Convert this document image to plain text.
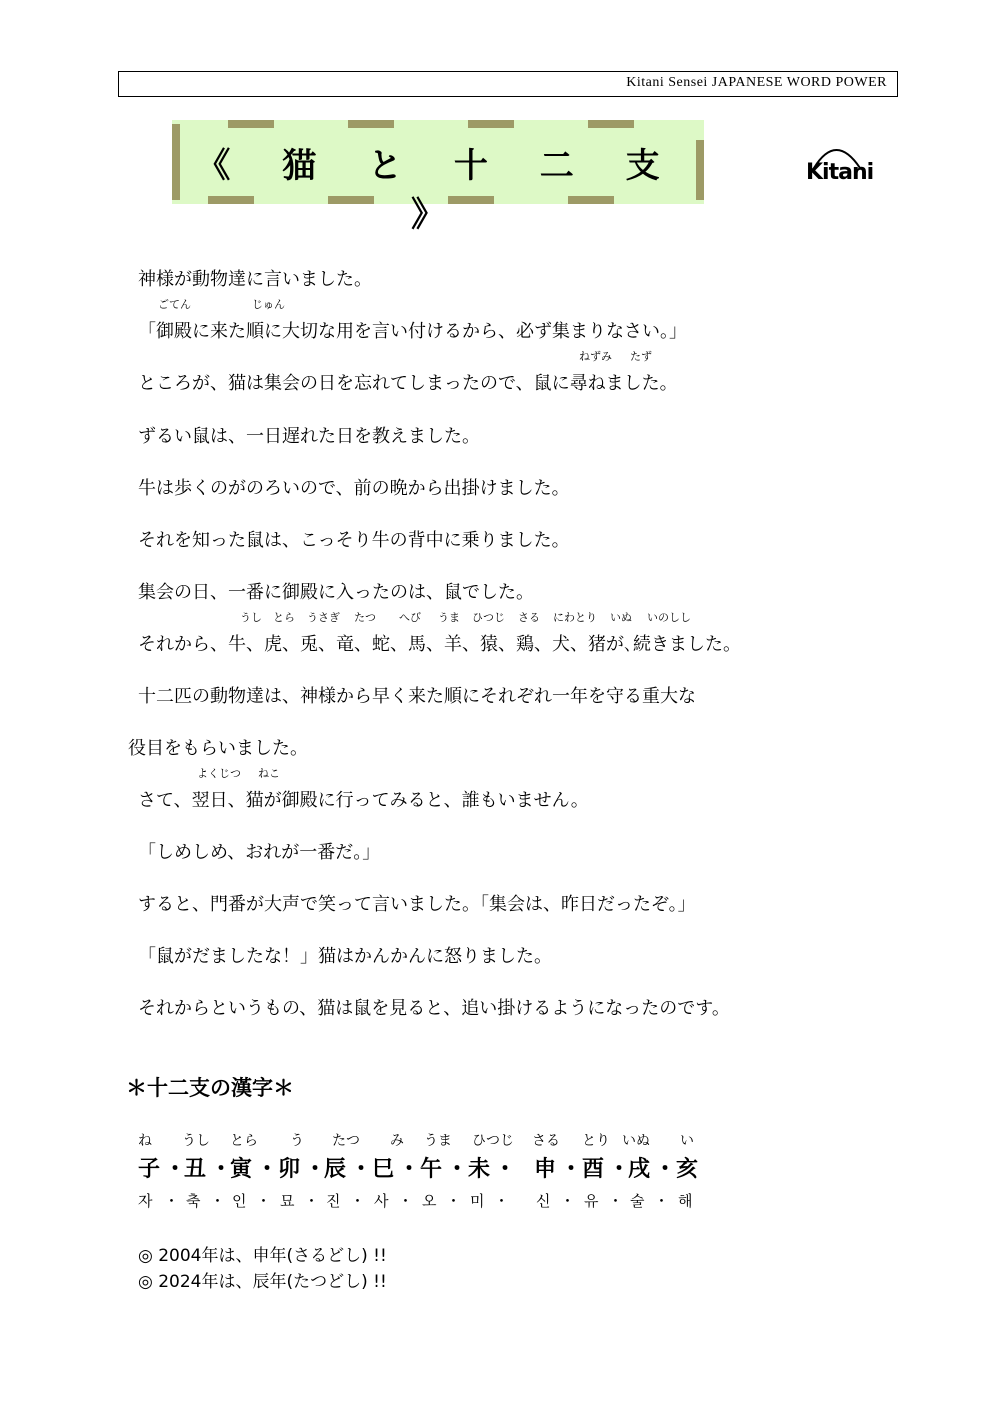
Kitani Sensei JAPANESE WORD POWER
《 猫 と 十 二 支 》
Kitani
神様が動物達に言いました。
ごてん	じゅん
「御殿に来た順に大切な用を言い付けるから、必ず集まりなさい。」
ねずみ たず
ところが、猫は集会の日を忘れてしまったので、鼠に尋ねました。
ずるい鼠は、一日遅れた日を教えました。
牛は歩くのがのろいので、前の晩から出掛けました。
それを知った鼠は、こっそり牛の背中に乗りました。
集会の日、一番に御殿に入ったのは、鼠でした。
うし とら うさぎ たつ へび うま ひつじ さる にわとり いぬ いのしし
それから、牛、虎、兎、竜、蛇、馬、羊、猿、鶏、犬、猪が､続きました。
十二匹の動物達は、神様から早く来た順にそれぞれ一年を守る重大な
役目をもらいました。
よくじつ ねこ
さて、翌日、猫が御殿に行ってみると、誰もいません。
「しめしめ、おれが一番だ。」
すると、門番が大声で笑って言いました。「集会は、昨日だったぞ。」
「鼠がだましたな！」猫はかんかんに怒りました。
それからというもの、猫は鼠を見ると、追い掛けるようになったのです。
＊十二支の漢字＊
ね うし とら う たつ み うま ひつじ さる とり いぬ い
子 ・
丑 ・
寅 ・ 卯 ・
辰 ・ 巳 ・ 午 ・ 未 ・ 申 ・ 酉 ・
戌 ・ 亥
자 ・ 축 ・ 인 ・ 묘 ・ 진 ・ 사 ・ 오 ・ 미 ・ 신 ・ 유 ・ 술 ・ 해
◎ 2004年は、申年(さるどし) !!
◎ 2024年は、辰年(たつどし) !!
